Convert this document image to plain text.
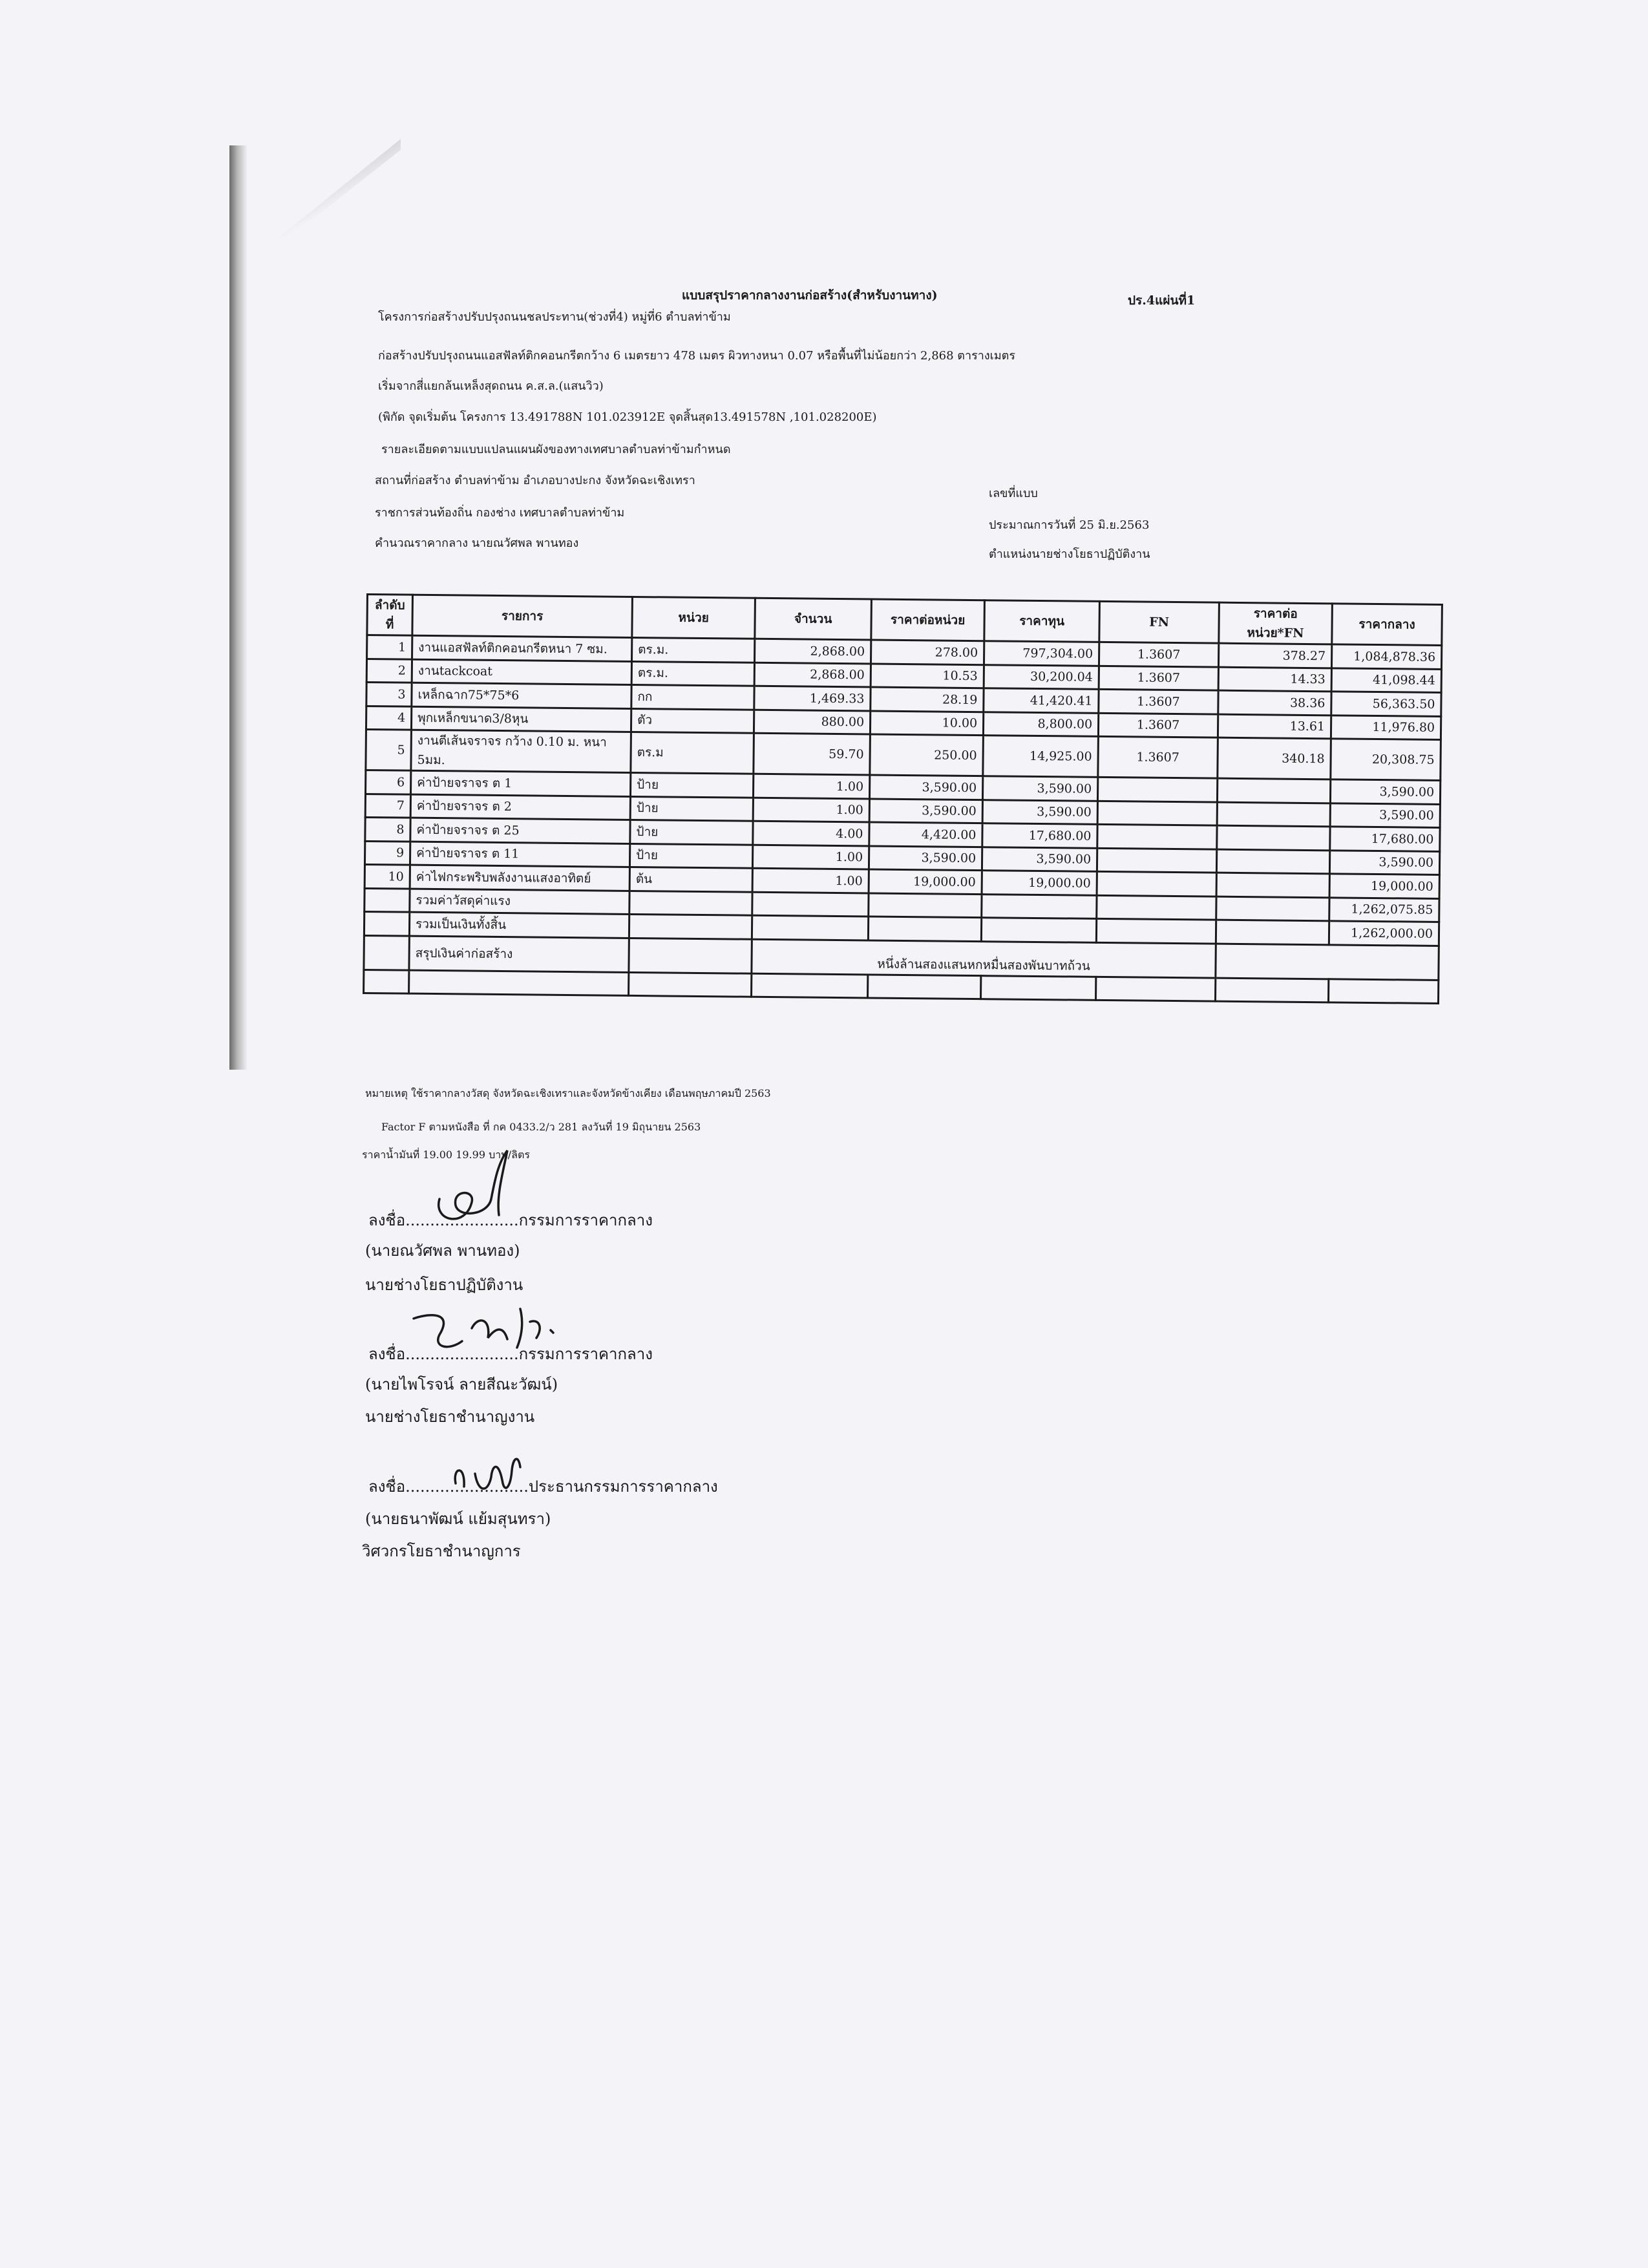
แบบสรุปราคากลางงานก่อสร้าง(สำหรับงานทาง)	ปร.4แผ่นที่1
โครงการก่อสร้างปรับปรุงถนนชลประทาน(ช่วงที่4) หมู่ที่6 ตำบลท่าข้าม
ก่อสร้างปรับปรุงถนนแอสฟัลท์ติกคอนกรีตกว้าง 6 เมตรยาว 478 เมตร ผิวทางหนา 0.07 หรือพื้นที่ไม่น้อยกว่า 2,868 ตารางเมตร
เริ่มจากสี่แยกล้นเหล็งสุดถนน ค.ส.ล.(แสนวิว)
(พิกัด จุดเริ่มต้น โครงการ 13.491788N 101.023912E จุดสิ้นสุด13.491578N ,101.028200E)
รายละเอียดตามแบบแปลนแผนผังของทางเทศบาลตำบลท่าข้ามกำหนด
สถานที่ก่อสร้าง ตำบลท่าข้าม อำเภอบางปะกง จังหวัดฉะเชิงเทรา
ราชการส่วนท้องถิ่น กองช่าง เทศบาลตำบลท่าข้าม
คำนวณราคากลาง นายณวัศพล พานทอง
เลขที่แบบ
ประมาณการวันที่ 25 มิ.ย.2563
ตำแหน่งนายช่างโยธาปฏิบัติงาน
ลำดับที่	รายการ	หน่วย	จำนวน	ราคาต่อหน่วย	ราคาทุน	FN	ราคาต่อหน่วย*FN	ราคากลาง
1	งานแอสฟัลท์ติกคอนกรีตหนา 7 ซม.	ตร.ม.	2,868.00	278.00	797,304.00	1.3607	378.27	1,084,878.36
2	งานtackcoat	ตร.ม.	2,868.00	10.53	30,200.04	1.3607	14.33	41,098.44
3	เหล็กฉาก75*75*6	กก	1,469.33	28.19	41,420.41	1.3607	38.36	56,363.50
4	พุกเหล็กขนาด3/8หุน	ตัว	880.00	10.00	8,800.00	1.3607	13.61	11,976.80
5	งานตีเส้นจราจร กว้าง 0.10 ม. หนา 5มม.	ตร.ม	59.70	250.00	14,925.00	1.3607	340.18	20,308.75
6	ค่าป้ายจราจร ต 1	ป้าย	1.00	3,590.00	3,590.00			3,590.00
7	ค่าป้ายจราจร ต 2	ป้าย	1.00	3,590.00	3,590.00			3,590.00
8	ค่าป้ายจราจร ต 25	ป้าย	4.00	4,420.00	17,680.00			17,680.00
9	ค่าป้ายจราจร ต 11	ป้าย	1.00	3,590.00	3,590.00			3,590.00
10	ค่าไฟกระพริบพลังงานแสงอาทิตย์	ต้น	1.00	19,000.00	19,000.00			19,000.00
	รวมค่าวัสดุค่าแรง							1,262,075.85
	รวมเป็นเงินทั้งสิ้น							1,262,000.00
	สรุปเงินค่าก่อสร้าง		หนึ่งล้านสองแสนหกหมื่นสองพันบาทถ้วน					

หมายเหตุ ใช้ราคากลางวัสดุ จังหวัดฉะเชิงเทราและจังหวัดข้างเคียง เดือนพฤษภาคมปี 2563
Factor F ตามหนังสือ ที่ กค 0433.2/ว 281 ลงวันที่ 19 มิถุนายน 2563
ราคาน้ำมันที่ 19.00 19.99 บาท/ลิตร
ลงชื่อ.......................กรรมการราคากลาง
(นายณวัศพล พานทอง)
นายช่างโยธาปฏิบัติงาน
ลงชื่อ.......................กรรมการราคากลาง
(นายไพโรจน์ ลายสีณะวัฒน์)
นายช่างโยธาชำนาญงาน
ลงชื่อ.........................ประธานกรรมการราคากลาง
(นายธนาพัฒน์ แย้มสุนทรา)
วิศวกรโยธาชำนาญการ
